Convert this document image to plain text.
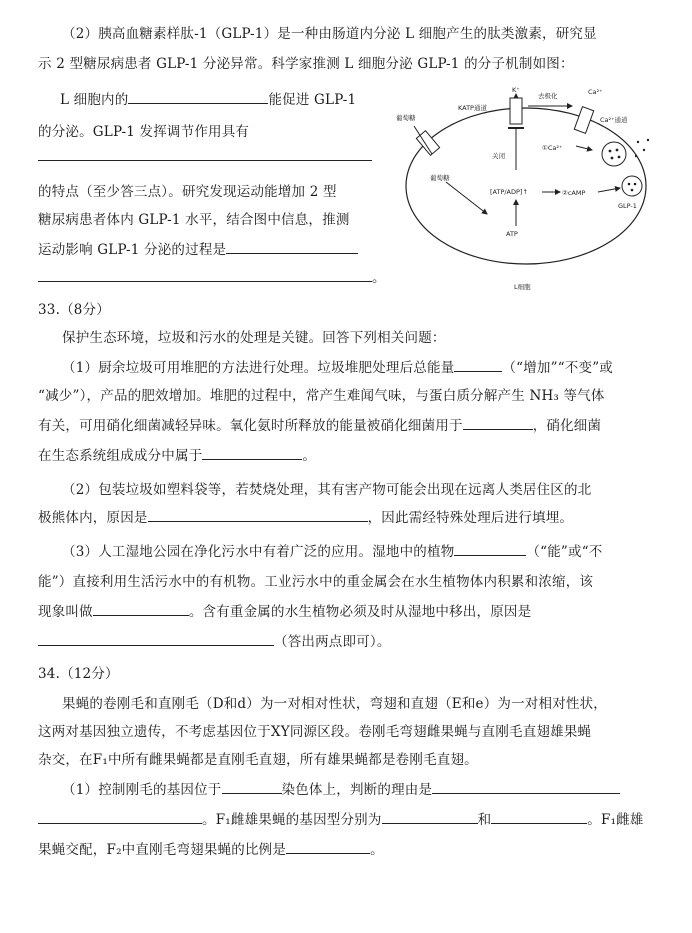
（2）胰高血糖素样肽-1（GLP-1）是一种由肠道内分泌 L 细胞产生的肽类激素，研究显
示 2 型糖尿病患者 GLP-1 分泌异常。科学家推测 L 细胞分泌 GLP-1 的分子机制如图：
L 细胞内的	能促进 GLP-1
的分泌。GLP-1 发挥调节作用具有
的特点（至少答三点）。研究发现运动能增加 2 型
糖尿病患者体内 GLP-1 水平，结合图中信息，推测
运动影响 GLP-1 分泌的过程是
。
葡萄糖
葡萄糖
K⁺
KATP通道
去极化	Ca²⁺
Ca²⁺通道
关闭
①Ca²⁺
[ATP/ADP]↑
ATP
②cAMP
GLP-1
L细胞
33.（8分）
保护生态环境，垃圾和污水的处理是关键。回答下列相关问题：
（1）厨余垃圾可用堆肥的方法进行处理。垃圾堆肥处理后总能量	（“增加”“不变”或
“减少”），产品的肥效增加。堆肥的过程中，常产生难闻气味，与蛋白质分解产生 NH₃ 等气体
有关，可用硝化细菌减轻异味。氧化氨时所释放的能量被硝化细菌用于	，硝化细菌
在生态系统组成成分中属于	。
（2）包装垃圾如塑料袋等，若焚烧处理，其有害产物可能会出现在远离人类居住区的北
极熊体内，原因是	，因此需经特殊处理后进行填埋。
（3）人工湿地公园在净化污水中有着广泛的应用。湿地中的植物	（“能”或“不
能”）直接利用生活污水中的有机物。工业污水中的重金属会在水生植物体内积累和浓缩，该
现象叫做	。含有重金属的水生植物必须及时从湿地中移出，原因是
（答出两点即可）。
34.（12分）
果蝇的卷刚毛和直刚毛（D和d）为一对相对性状，弯翅和直翅（E和e）为一对相对性状，
这两对基因独立遗传，不考虑基因位于XY同源区段。卷刚毛弯翅雌果蝇与直刚毛直翅雄果蝇
杂交，在F₁中所有雌果蝇都是直刚毛直翅，所有雄果蝇都是卷刚毛直翅。
（1）控制刚毛的基因位于	染色体上，判断的理由是
。F₁雌雄果蝇的基因型分别为	和	。F₁雌雄
果蝇交配，F₂中直刚毛弯翅果蝇的比例是	。
